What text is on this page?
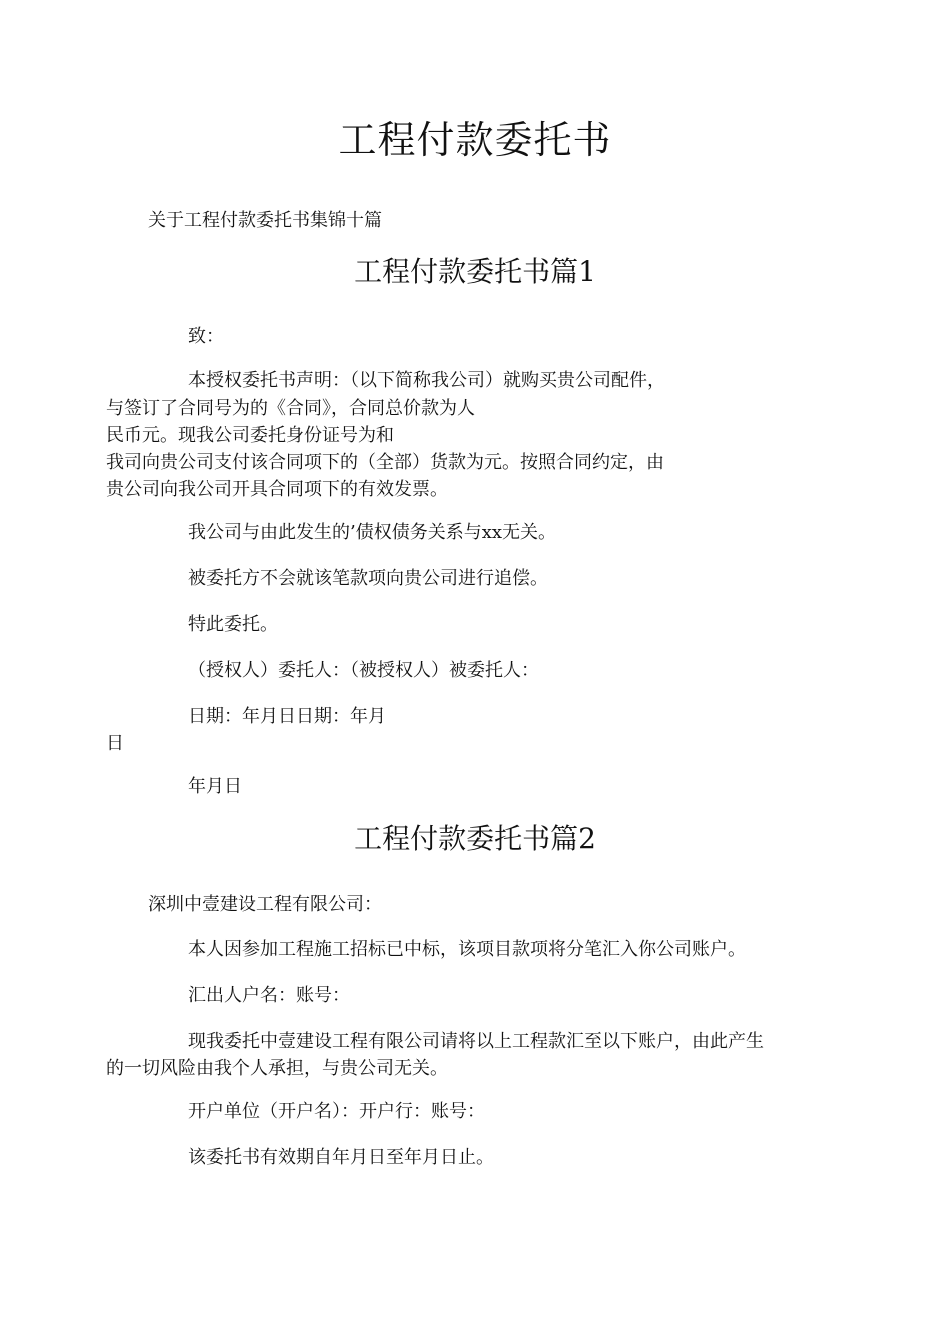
工程付款委托书
关于工程付款委托书集锦十篇
工程付款委托书篇1
致：
本授权委托书声明：（以下简称我公司）就购买贵公司配件，
与签订了合同号为的《合同》，合同总价款为人
民币元。现我公司委托身份证号为和
我司向贵公司支付该合同项下的（全部）货款为元。按照合同约定，由
贵公司向我公司开具合同项下的有效发票。
我公司与由此发生的’债权债务关系与xx无关。
被委托方不会就该笔款项向贵公司进行追偿。
特此委托。
（授权人）委托人：（被授权人）被委托人：
日期：年月日日期：年月
日
年月日
工程付款委托书篇2
深圳中壹建设工程有限公司：
本人因参加工程施工招标已中标，该项目款项将分笔汇入你公司账户。
汇出人户名：账号：
现我委托中壹建设工程有限公司请将以上工程款汇至以下账户，由此产生
的一切风险由我个人承担，与贵公司无关。
开户单位（开户名）：开户行：账号：
该委托书有效期自年月日至年月日止。
